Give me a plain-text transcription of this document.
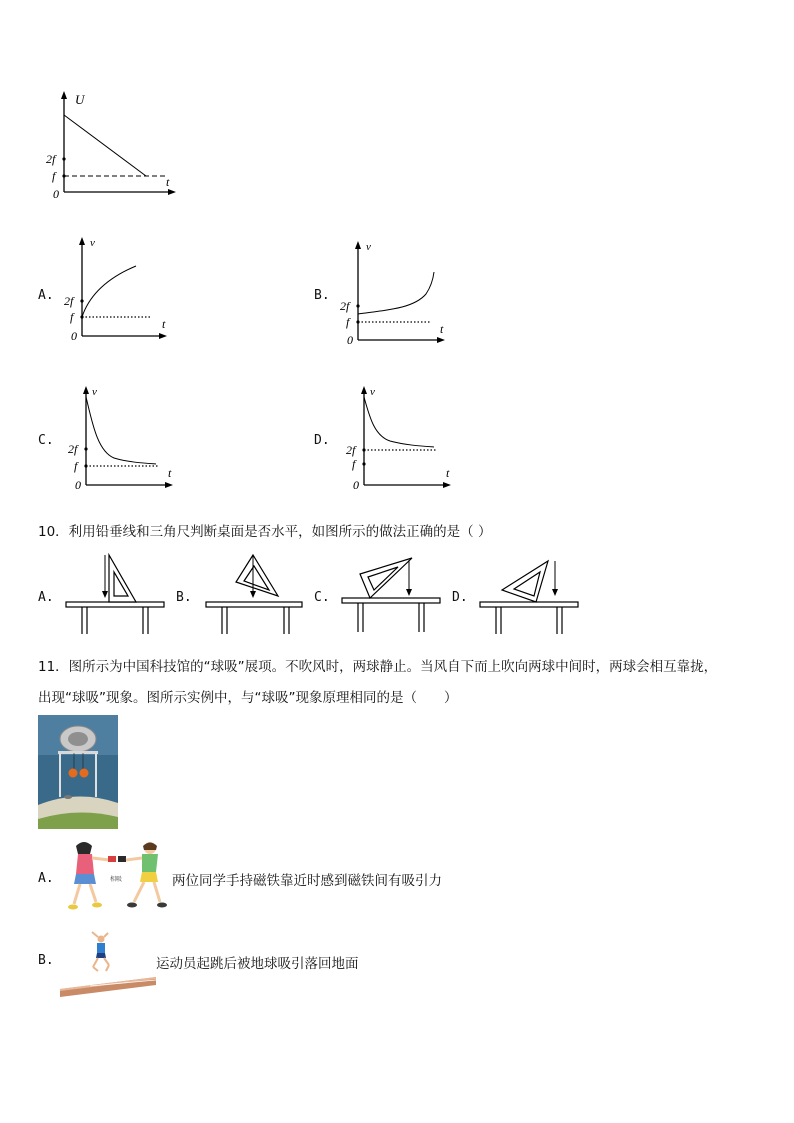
U
t
2f
f
0
A.
v
t
2f
f
0
B.
v
t
2f
f
0
C.
v
t
2f
f
0
D.
v
t
2f
f
0
10．利用铅垂线和三角尺判断桌面是否水平，如图所示的做法正确的是（ ）
A.	B.	C.	D.
11．图所示为中国科技馆的“球吸”展项。不吹风时，两球静止。当风自下而上吹向两球中间时，两球会相互靠拢，
出现“球吸”现象。图所示实例中，与“球吸”现象原理相同的是（　　）
A.	相吸	两位同学手持磁铁靠近时感到磁铁间有吸引力
B.	运动员起跳后被地球吸引落回地面
